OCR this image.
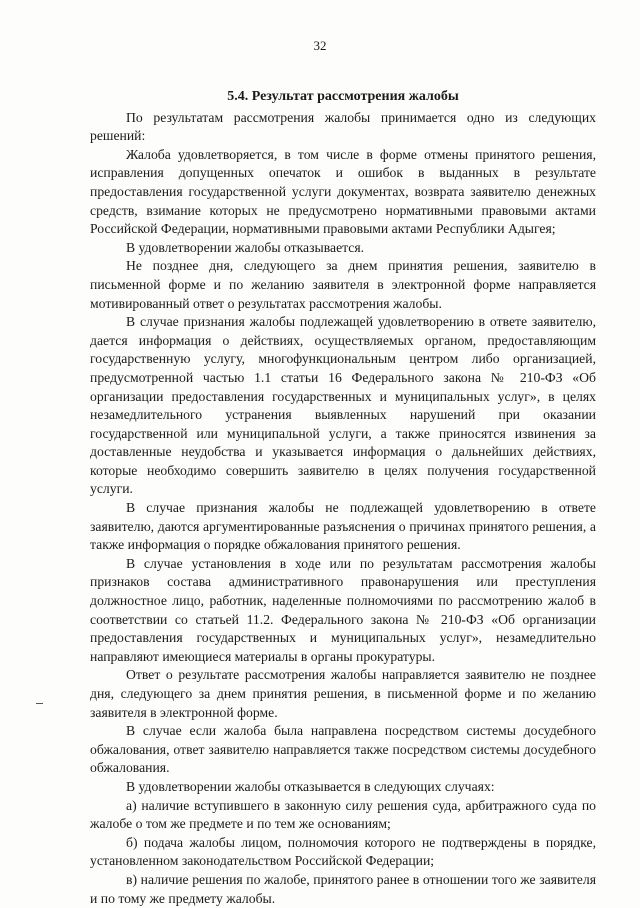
32
5.4. Результат рассмотрения жалобы

По результатам рассмотрения жалобы принимается одно из следующих решений:

Жалоба удовлетворяется, в том числе в форме отмены принятого решения, исправления допущенных опечаток и ошибок в выданных в результате предоставления государственной услуги документах, возврата заявителю денежных средств, взимание которых не предусмотрено нормативными правовыми актами Российской Федерации, нормативными правовыми актами Республики Адыгея;

В удовлетворении жалобы отказывается.

Не позднее дня, следующего за днем принятия решения, заявителю в письменной форме и по желанию заявителя в электронной форме направляется мотивированный ответ о результатах рассмотрения жалобы.

В случае признания жалобы подлежащей удовлетворению в ответе заявителю, дается информация о действиях, осуществляемых органом, предоставляющим государственную услугу, многофункциональным центром либо организацией, предусмотренной частью 1.1 статьи 16 Федерального закона № 210-ФЗ «Об организации предоставления государственных и муниципальных услуг», в целях незамедлительного устранения выявленных нарушений при оказании государственной или муниципальной услуги, а также приносятся извинения за доставленные неудобства и указывается информация о дальнейших действиях, которые необходимо совершить заявителю в целях получения государственной услуги.

В случае признания жалобы не подлежащей удовлетворению в ответе заявителю, даются аргументированные разъяснения о причинах принятого решения, а также информация о порядке обжалования принятого решения.

В случае установления в ходе или по результатам рассмотрения жалобы признаков состава административного правонарушения или преступления должностное лицо, работник, наделенные полномочиями по рассмотрению жалоб в соответствии со статьей 11.2. Федерального закона № 210-ФЗ «Об организации предоставления государственных и муниципальных услуг», незамедлительно направляют имеющиеся материалы в органы прокуратуры.

Ответ о результате рассмотрения жалобы направляется заявителю не позднее дня, следующего за днем принятия решения, в письменной форме и по желанию заявителя в электронной форме.

В случае если жалоба была направлена посредством системы досудебного обжалования, ответ заявителю направляется также посредством системы досудебного обжалования.

В удовлетворении жалобы отказывается в следующих случаях:

а) наличие вступившего в законную силу решения суда, арбитражного суда по жалобе о том же предмете и по тем же основаниям;

б) подача жалобы лицом, полномочия которого не подтверждены в порядке, установленном законодательством Российской Федерации;

в) наличие решения по жалобе, принятого ранее в отношении того же заявителя и по тому же предмету жалобы.
